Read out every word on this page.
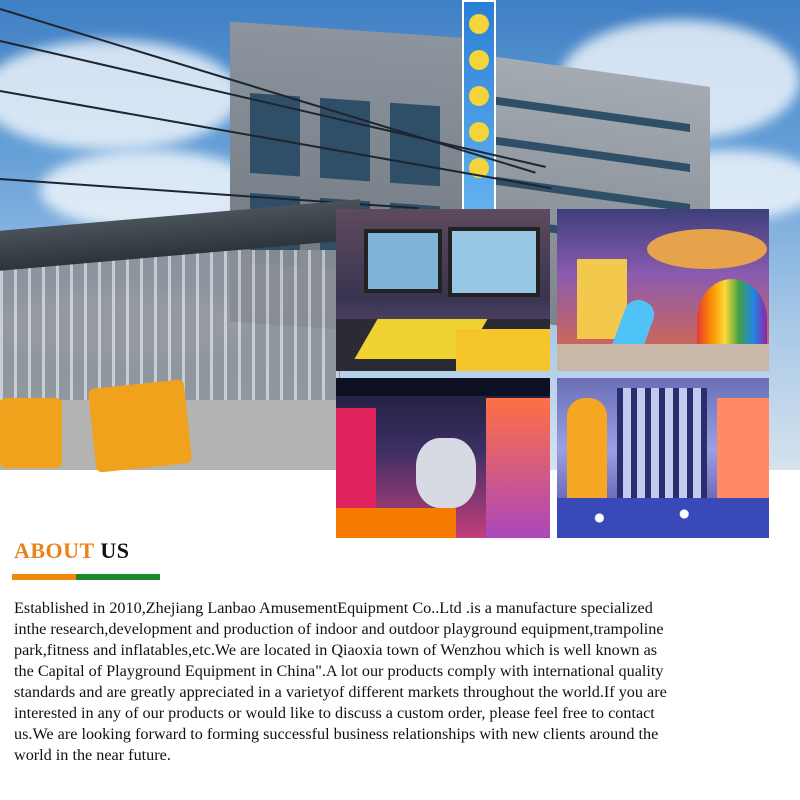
ABOUT US

Established in 2010,Zhejiang Lanbao AmusementEquipment Co..Ltd .is a manufacture specialized
inthe research,development and production of indoor and outdoor playground equipment,trampoline
park,fitness and inflatables,etc.We are located in Qiaoxia town of Wenzhou which is well known as
the Capital of Playground Equipment in China".A lot our products comply with international quality
standards and are greatly appreciated in a varietyof different markets throughout the world.If you are
interested in any of our products or would like to discuss a custom order, please feel free to contact
us.We are looking forward to forming successful business relationships with new clients around the
world in the near future.
